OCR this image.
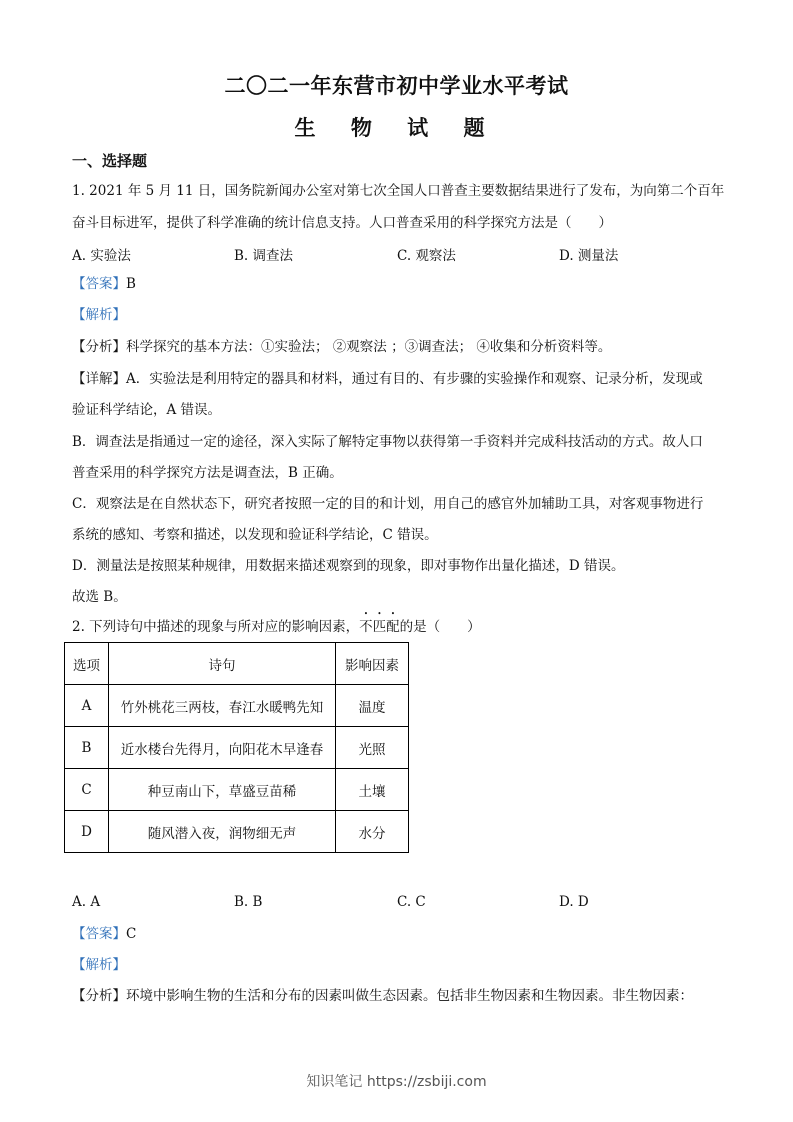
二〇二一年东营市初中学业水平考试
生 物 试 题
一、选择题
1. 2021 年 5 月 11 日，国务院新闻办公室对第七次全国人口普查主要数据结果进行了发布，为向第二个百年
奋斗目标进军，提供了科学准确的统计信息支持。人口普查采用的科学探究方法是（　　）
A. 实验法	B. 调查法	C. 观察法	D. 测量法
【答案】B
【解析】
【分析】科学探究的基本方法：①实验法； ②观察法 ；③调查法； ④收集和分析资料等。
【详解】A．实验法是利用特定的器具和材料，通过有目的、有步骤的实验操作和观察、记录分析，发现或
验证科学结论，A 错误。
B．调查法是指通过一定的途径，深入实际了解特定事物以获得第一手资料并完成科技活动的方式。故人口
普查采用的科学探究方法是调查法，B 正确。
C．观察法是在自然状态下，研究者按照一定的目的和计划，用自己的感官外加辅助工具，对客观事物进行
系统的感知、考察和描述，以发现和验证科学结论，C 错误。
D．测量法是按照某种规律，用数据来描述观察到的现象，即对事物作出量化描述，D 错误。
故选 B。
2. 下列诗句中描述的现象与所对应的影响因素，不匹配的是（　　）
选项	诗句	影响因素
A	竹外桃花三两枝，春江水暖鸭先知	温度
B	近水楼台先得月，向阳花木早逢春	光照
C	种豆南山下，草盛豆苗稀	土壤
D	随风潜入夜，润物细无声	水分
A. A	B. B	C. C	D. D
【答案】C
【解析】
【分析】环境中影响生物的生活和分布的因素叫做生态因素。包括非生物因素和生物因素。非生物因素：
知识笔记 https://zsbiji.com
